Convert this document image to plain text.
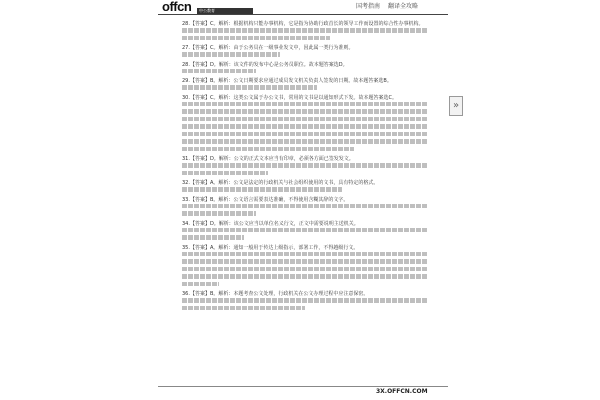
offcn	中公教育
国考指南 翻译全攻略
28.【答案】C。解析：根据机构只能办事机构，它是指为协助行政首长的领导工作而设置的综合性办事机构。
27.【答案】C。解析：由于公务员在一级事业发文中，因此属一类行为准则。
28.【答案】D。解析：该文件的发布中心是公务员职位。故本题答案选D。
29.【答案】B。解析：公文日期要求应通过成员发文机关负责人签发的日期。故本题答案选B。
30.【答案】C。解析：这类公文属于办公文书，常用的文书是以通知形式下发。故本题答案选C。
31.【答案】D。解析：公文的正式文本应当有印章，必须各方面已签发发文。
32.【答案】A。解析：公文是法定的行政机关与社会组织使用的文书，具有特定的格式。
33.【答案】B。解析：公文语言需要表达准确，不得使用含糊其辞的文字。
34.【答案】D。解析：该公文应当以单位名义行文，正文中需要说明主送机关。
35.【答案】A。解析：通知一般用于传达上级指示，部署工作，不得越级行文。
36.【答案】B。解析：本题考查公文处理，行政机关在公文办理过程中应注意保密。
»
3X.OFFCN.COM
